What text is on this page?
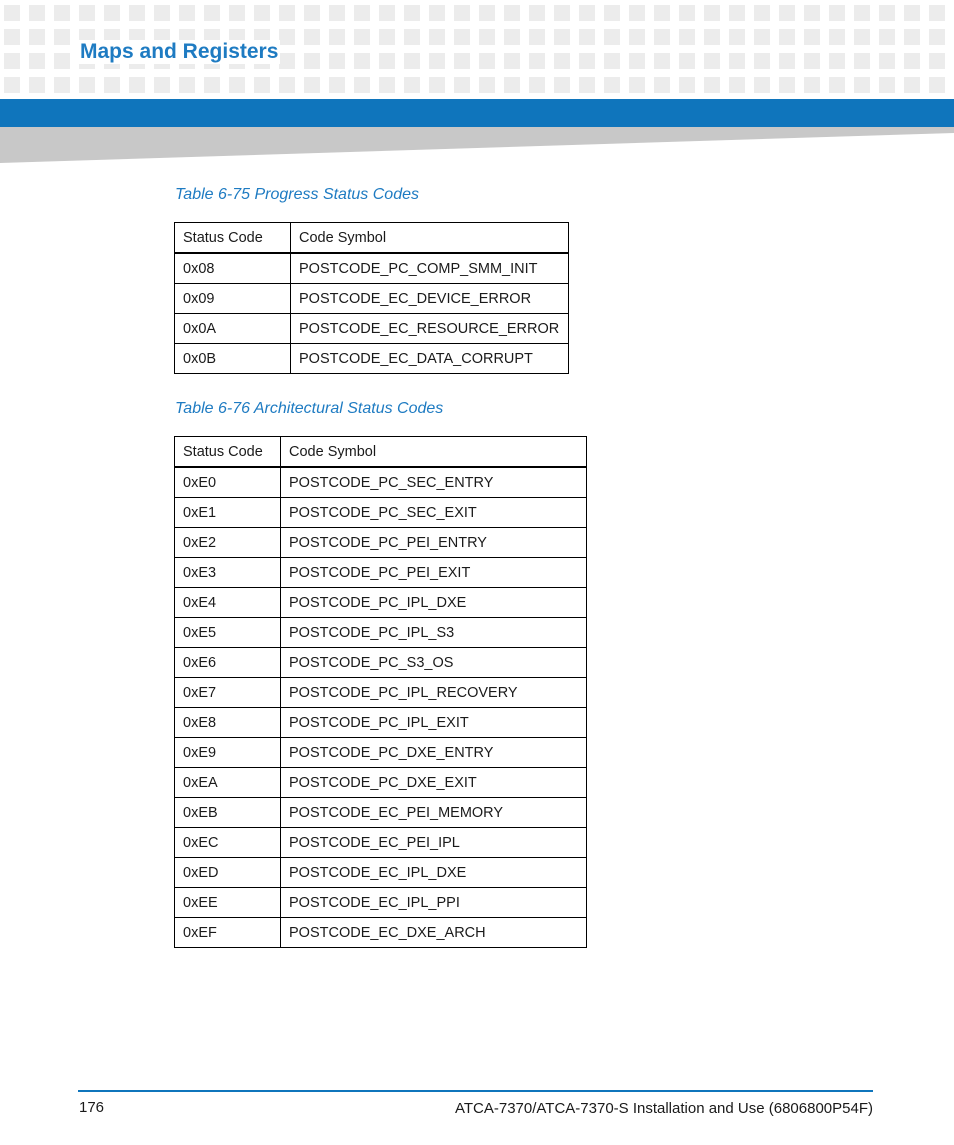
Maps and Registers

Table 6-75 Progress Status Codes

Status Code	Code Symbol
0x08	POSTCODE_PC_COMP_SMM_INIT
0x09	POSTCODE_EC_DEVICE_ERROR
0x0A	POSTCODE_EC_RESOURCE_ERROR
0x0B	POSTCODE_EC_DATA_CORRUPT

Table 6-76 Architectural Status Codes

Status Code	Code Symbol
0xE0	POSTCODE_PC_SEC_ENTRY
0xE1	POSTCODE_PC_SEC_EXIT
0xE2	POSTCODE_PC_PEI_ENTRY
0xE3	POSTCODE_PC_PEI_EXIT
0xE4	POSTCODE_PC_IPL_DXE
0xE5	POSTCODE_PC_IPL_S3
0xE6	POSTCODE_PC_S3_OS
0xE7	POSTCODE_PC_IPL_RECOVERY
0xE8	POSTCODE_PC_IPL_EXIT
0xE9	POSTCODE_PC_DXE_ENTRY
0xEA	POSTCODE_PC_DXE_EXIT
0xEB	POSTCODE_EC_PEI_MEMORY
0xEC	POSTCODE_EC_PEI_IPL
0xED	POSTCODE_EC_IPL_DXE
0xEE	POSTCODE_EC_IPL_PPI
0xEF	POSTCODE_EC_DXE_ARCH
176	ATCA-7370/ATCA-7370-S Installation and Use (6806800P54F)
